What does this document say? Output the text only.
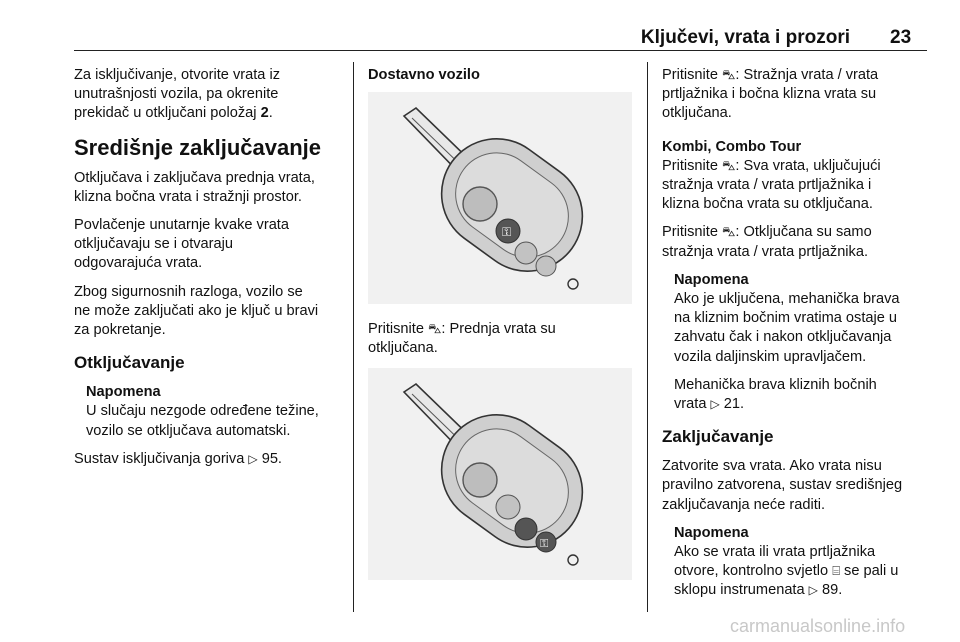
Ključevi, vrata i prozori 23

Za isključivanje, otvorite vrata iz
unutrašnjosti vozila, pa okrenite
prekidač u otključani položaj 2.

Središnje zaključavanje

Otključava i zaključava prednja vrata,
klizna bočna vrata i stražnji prostor.

Povlačenje unutarnje kvake vrata
otključavaju se i otvaraju
odgovarajuća vrata.

Zbog sigurnosnih razloga, vozilo se
ne može zaključati ako je ključ u bravi
za pokretanje.

Otključavanje
Napomena
U slučaju nezgode određene težine,
vozilo se otključava automatski.

Sustav isključivanja goriva ▷ 95.

Dostavno vozilo
⚿

Pritisnite ⛍: Prednja vrata su
otključana.

⚿

Pritisnite ⛍: Stražnja vrata / vrata
prtljažnika i bočna klizna vrata su
otključana.

Kombi, Combo Tour

Pritisnite ⛍: Sva vrata, uključujući
stražnja vrata / vrata prtljažnika i
klizna bočna vrata su otključana.

Pritisnite ⛍: Otključana su samo
stražnja vrata / vrata prtljažnika.

Napomena
Ako je uključena, mehanička brava
na kliznim bočnim vratima ostaje u
zahvatu čak i nakon otključavanja
vozila daljinskim upravljačem.
Mehanička brava kliznih bočnih
vrata ▷ 21.
Zaključavanje

Zatvorite sva vrata. Ako vrata nisu
pravilno zatvorena, sustav središnjeg
zaključavanja neće raditi.

Napomena
Ako se vrata ili vrata prtljažnika
otvore, kontrolno svjetlo ⌸ se pali u
sklopu instrumenata ▷ 89.
carmanualsonline.info
